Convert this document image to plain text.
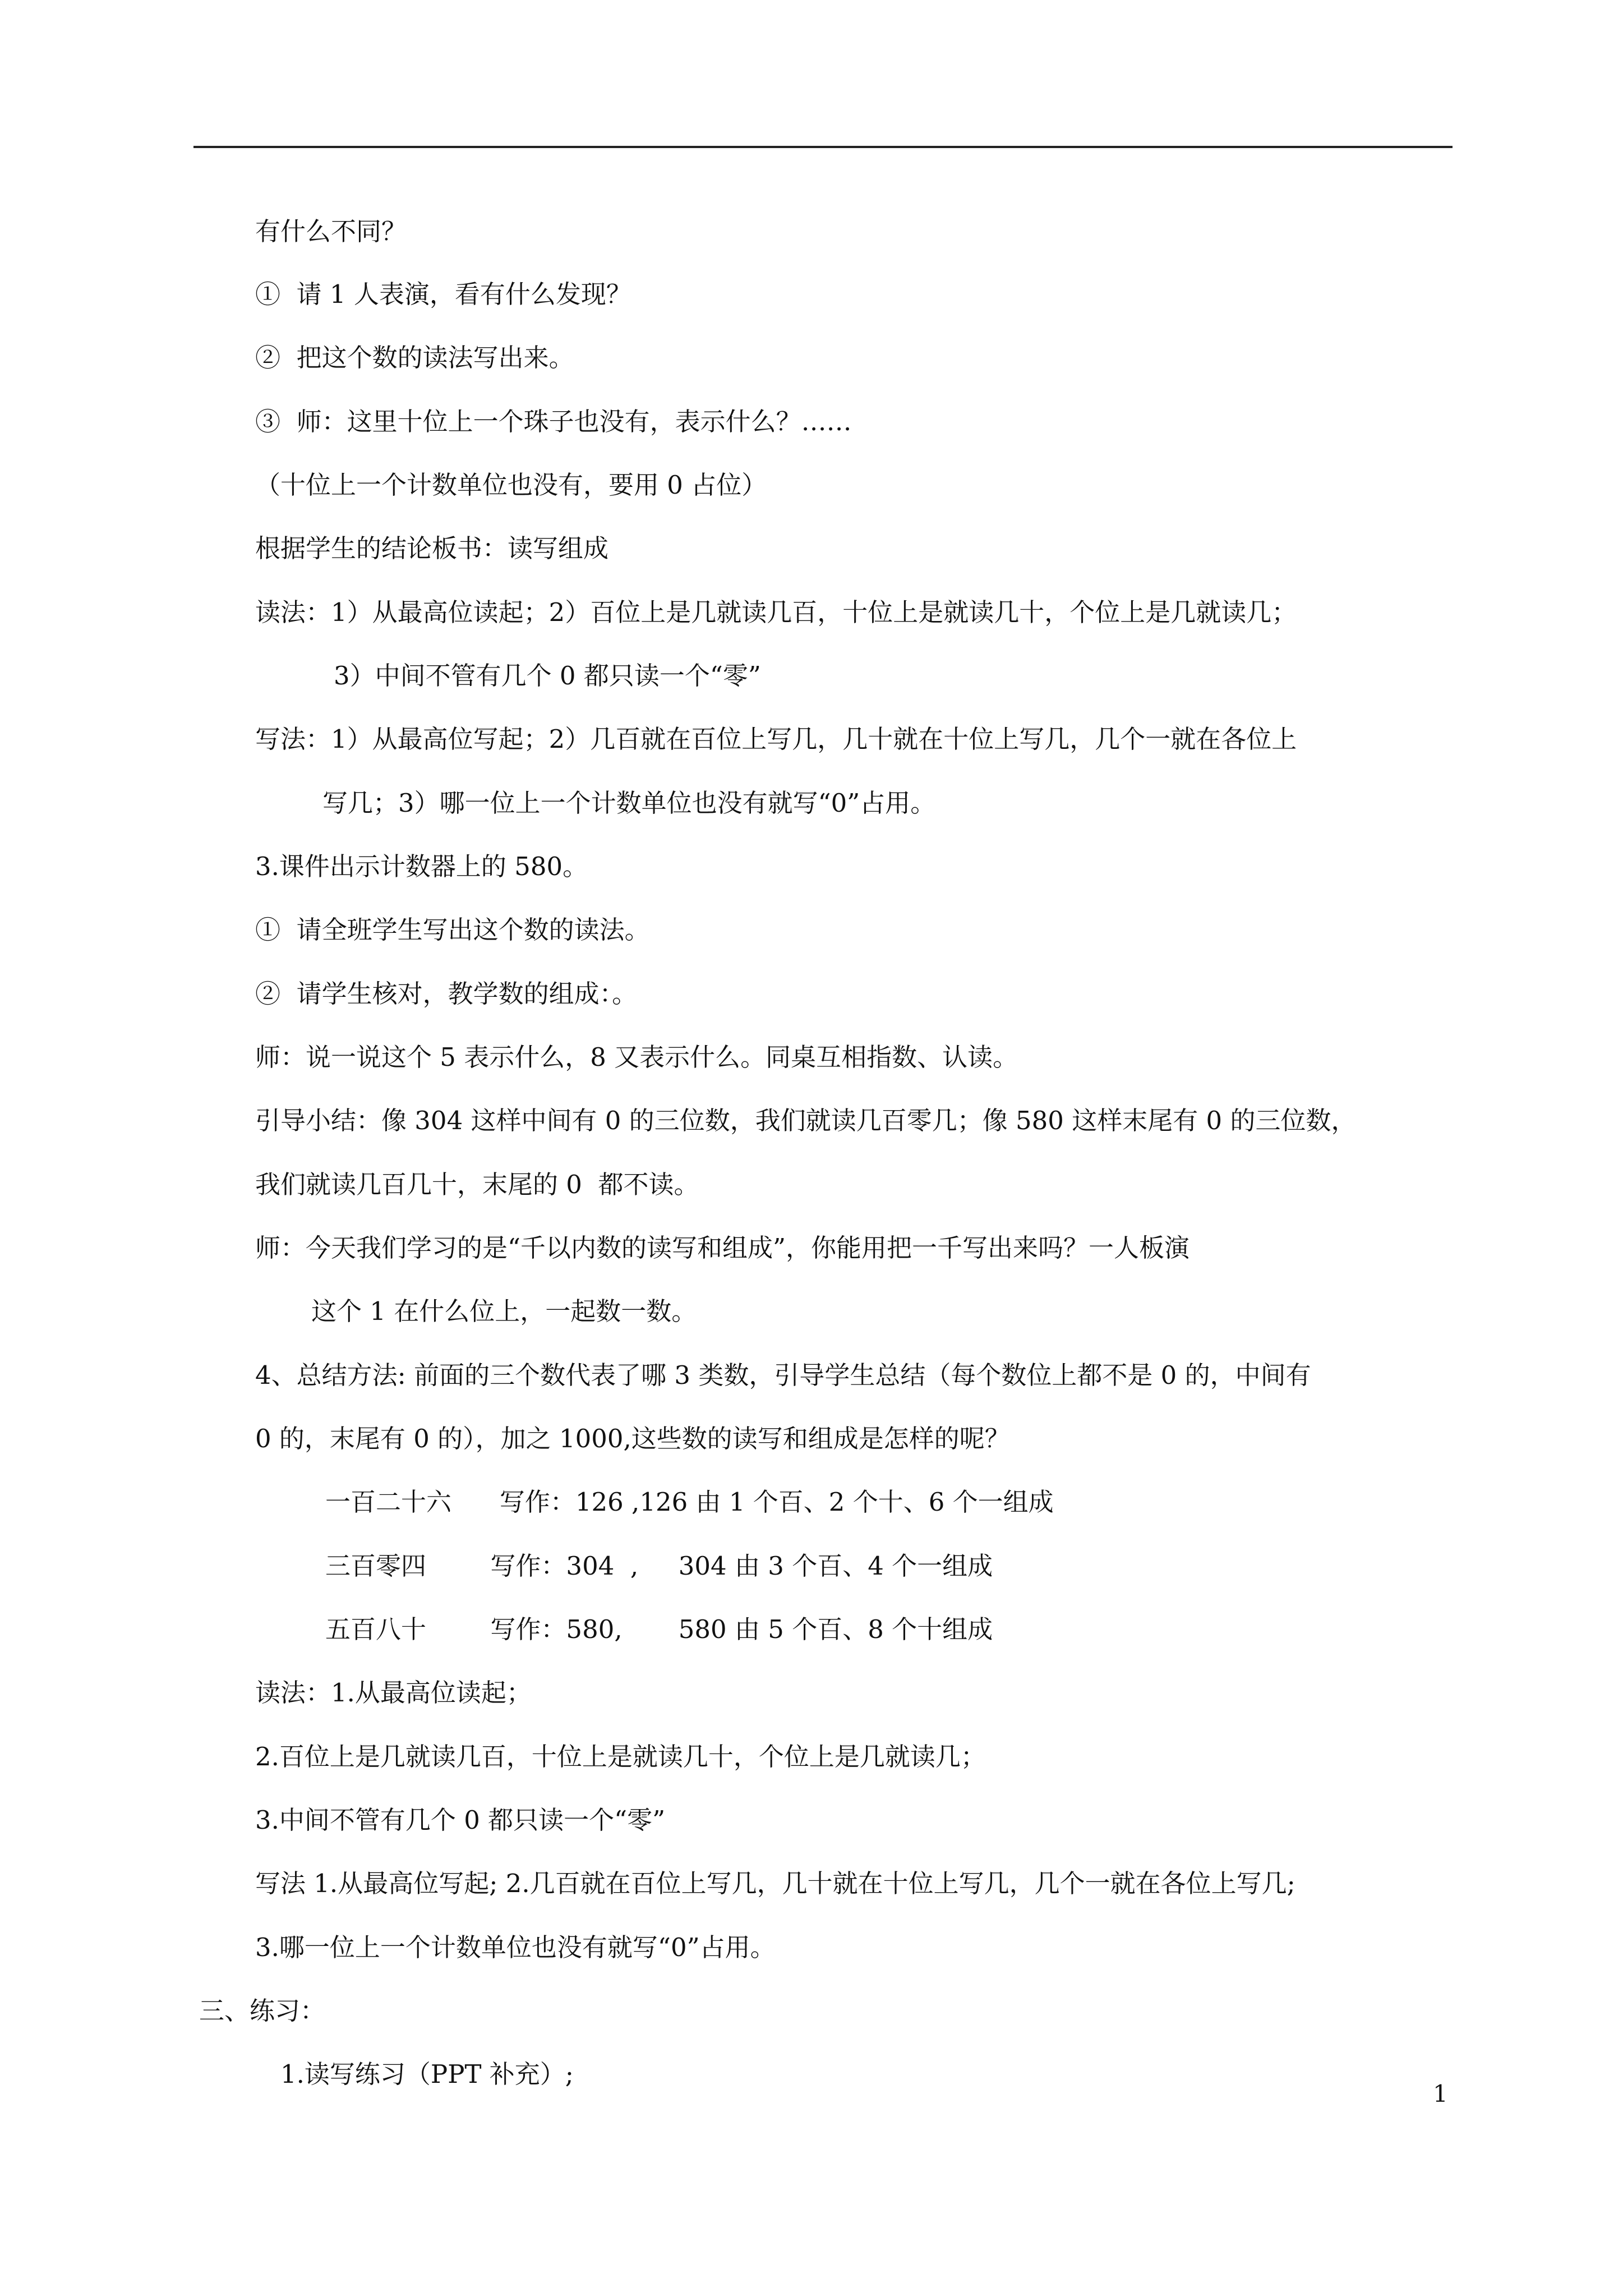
有什么不同？
①  请 1 人表演，看有什么发现？
②  把这个数的读法写出来。
③  师：这里十位上一个珠子也没有，表示什么？……
（十位上一个计数单位也没有，要用 0 占位）
根据学生的结论板书：读写组成
读法：1）从最高位读起；2）百位上是几就读几百，十位上是就读几十，个位上是几就读几；
3）中间不管有几个 0 都只读一个“零”
写法：1）从最高位写起；2）几百就在百位上写几，几十就在十位上写几，几个一就在各位上
写几；3）哪一位上一个计数单位也没有就写“0”占用。
3.课件出示计数器上的 580。
①  请全班学生写出这个数的读法。
②  请学生核对，教学数的组成：。
师：说一说这个 5 表示什么，8 又表示什么。同桌互相指数、认读。
引导小结：像 304 这样中间有 0 的三位数，我们就读几百零几；像 580 这样末尾有 0 的三位数，
我们就读几百几十，末尾的 0  都不读。
师：今天我们学习的是“千以内数的读写和组成”，你能用把一千写出来吗？一人板演
这个 1 在什么位上，一起数一数。
4、总结方法: 前面的三个数代表了哪 3 类数，引导学生总结（每个数位上都不是 0 的，中间有
0 的，末尾有 0 的），加之 1000,这些数的读写和组成是怎样的呢？
一百二十六      写作：126 ,126 由 1 个百、2 个十、6 个一组成
三百零四        写作：304  ,     304 由 3 个百、4 个一组成
五百八十        写作：580,       580 由 5 个百、8 个十组成
读法：1.从最高位读起；
2.百位上是几就读几百，十位上是就读几十，个位上是几就读几；
3.中间不管有几个 0 都只读一个“零”
写法 1.从最高位写起; 2.几百就在百位上写几，几十就在十位上写几，几个一就在各位上写几;
3.哪一位上一个计数单位也没有就写“0”占用。
三、练习：
1.读写练习（PPT 补充）;
1
